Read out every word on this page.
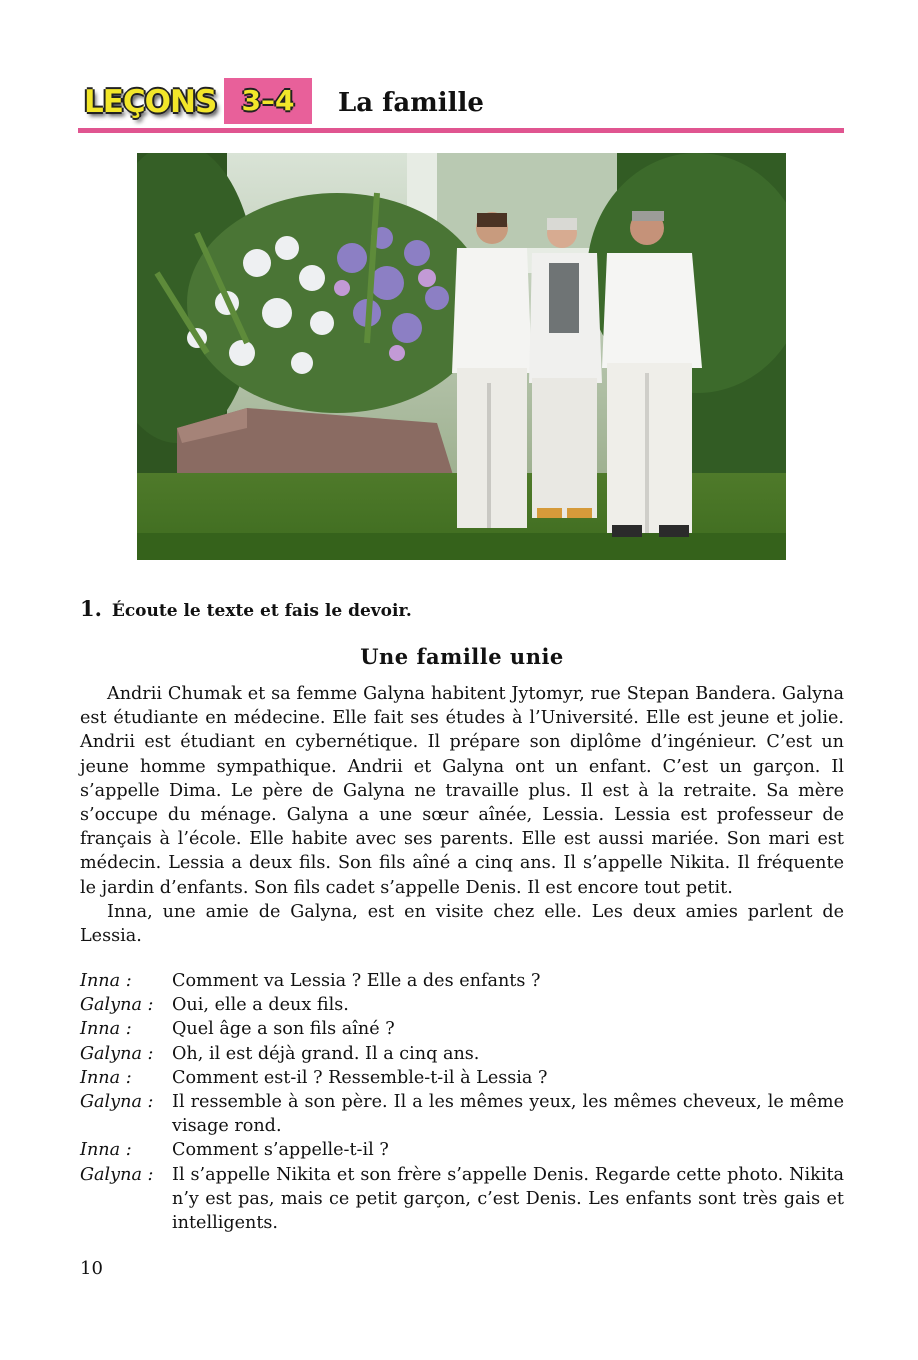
LEÇONS 3–4	La famille
1. Écoute le texte et fais le devoir.
Une famille unie

Andrii Chumak et sa femme Galyna habitent Jytomyr, rue Stepan Bandera. Galyna est étudiante en médecine. Elle fait ses études à l’Université. Elle est jeune et jolie. Andrii est étudiant en cybernétique. Il prépare son diplôme d’ingénieur. C’est un jeune homme sympathique. Andrii et Galyna ont un enfant. C’est un garçon. Il s’appelle Dima. Le père de Galyna ne travaille plus. Il est à la retraite. Sa mère s’occupe du ménage. Galyna a une sœur aînée, Lessia. Lessia est professeur de français à l’école. Elle habite avec ses parents. Elle est aussi mariée. Son mari est médecin. Lessia a deux fils. Son fils aîné a cinq ans. Il s’appelle Nikita. Il fréquente le jardin d’enfants. Son fils cadet s’appelle Denis. Il est encore tout petit.

Inna, une amie de Galyna, est en visite chez elle. Les deux amies parlent de Lessia.

Inna :	Comment va Lessia ? Elle a des enfants ?
Galyna :	Oui, elle a deux fils.
Inna :	Quel âge a son fils aîné ?
Galyna :	Oh, il est déjà grand. Il a cinq ans.
Inna :	Comment est-il ? Ressemble-t-il à Lessia ?
Galyna :	Il ressemble à son père. Il a les mêmes yeux, les mêmes cheveux, le même visage rond.
Inna :	Comment s’appelle-t-il ?
Galyna :	Il s’appelle Nikita et son frère s’appelle Denis. Regarde cette photo. Nikita n’y est pas, mais ce petit garçon, c’est Denis. Les enfants sont très gais et intelligents.
10
